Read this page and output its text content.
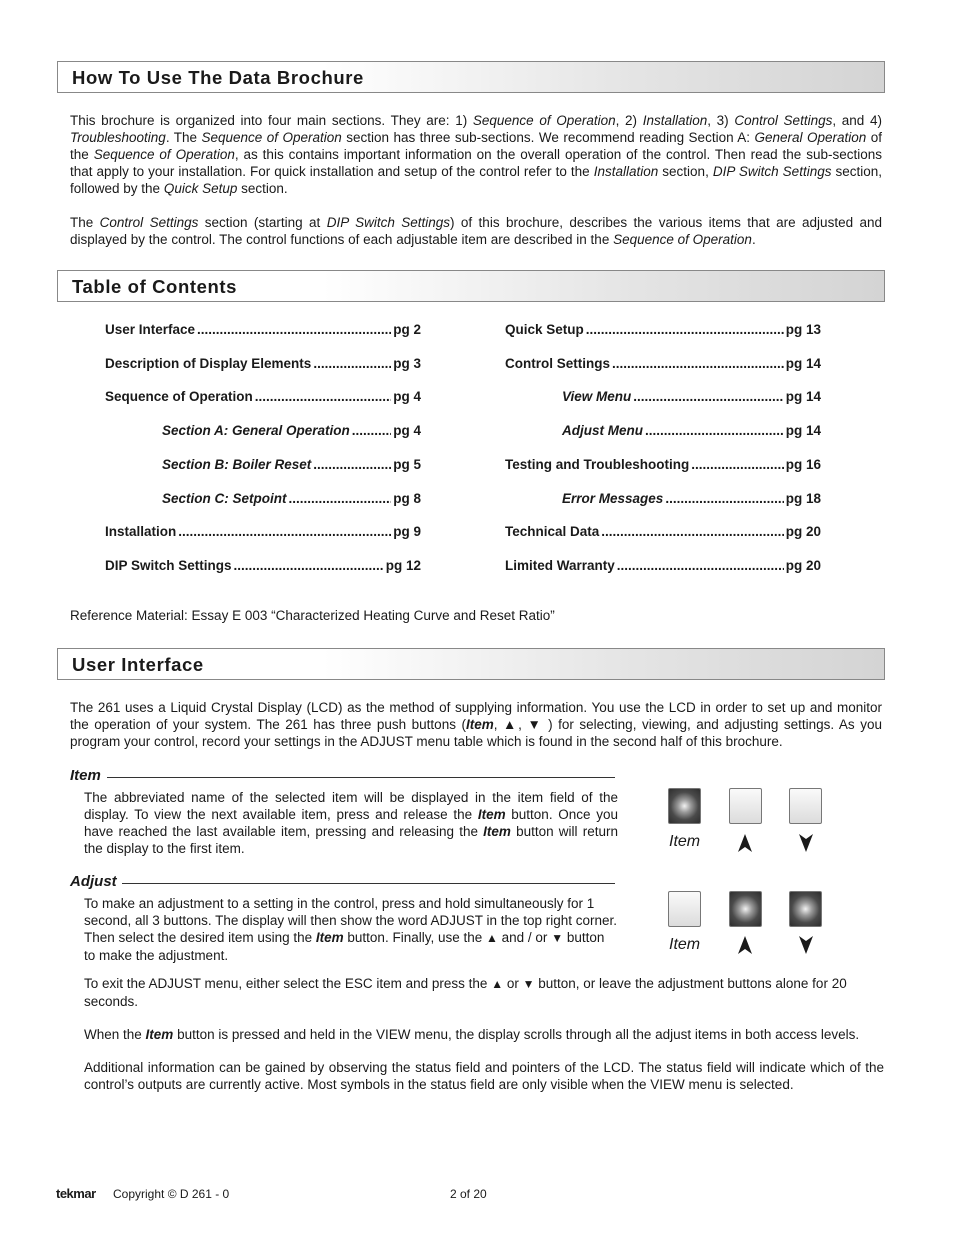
How To Use The Data Brochure

This brochure is organized into four main sections. They are: 1) Sequence of Operation, 2) Installation, 3) Control Settings, and 4) Troubleshooting. The Sequence of Operation section has three sub-sections. We recommend reading Section A: General Operation of the Sequence of Operation, as this contains important information on the overall operation of the control. Then read the sub-sections that apply to your installation. For quick installation and setup of the control refer to the Installation section, DIP Switch Settings section, followed by the Quick Setup section.

The Control Settings section (starting at DIP Switch Settings) of this brochure, describes the various items that are adjusted and displayed by the control. The control functions of each adjustable item are described in the Sequence of Operation.

Table of Contents
User Interface .....	pg 2
Description of Display Elements .....	pg 3
Sequence of Operation .....	pg 4
Section A: General Operation .....	pg 4
Section B: Boiler Reset .....	pg 5
Section C: Setpoint .....	pg 8
Installation .....	pg 9
DIP Switch Settings .....	pg 12
Quick Setup .....	pg 13
Control Settings .....	pg 14
View Menu .....	pg 14
Adjust Menu .....	pg 14
Testing and Troubleshooting .....	pg 16
Error Messages .....	pg 18
Technical Data .....	pg 20
Limited Warranty .....	pg 20
Reference Material: Essay E 003 “Characterized Heating Curve and Reset Ratio”
User Interface

The 261 uses a Liquid Crystal Display (LCD) as the method of supplying information. You use the LCD in order to set up and monitor the operation of your system. The 261 has three push buttons (Item, ▲, ▼ ) for selecting, viewing, and adjusting settings. As you program your control, record your settings in the ADJUST menu table which is found in the second half of this brochure.

Item

The abbreviated name of the selected item will be displayed in the item field of the display. To view the next available item, press and release the Item button. Once you have reached the last available item, pressing and releasing the Item button will return the display to the first item.	Item
Adjust

To make an adjustment to a setting in the control, press and hold simultaneously for 1

second, all 3 buttons. The display will then show the word ADJUST in the top right corner.

Then select the desired item using the Item button. Finally, use the ▲ and / or ▼ button

to make the adjustment.

Item

To exit the ADJUST menu, either select the ESC item and press the ▲ or ▼ button, or leave the adjustment buttons alone for 20 seconds.

When the Item button is pressed and held in the VIEW menu, the display scrolls through all the adjust items in both access levels.

Additional information can be gained by observing the status field and pointers of the LCD. The status field will indicate which of the control’s outputs are currently active. Most symbols in the status field are only visible when the VIEW menu is selected.

tekmar Copyright © D 261 - 0	2 of 20
